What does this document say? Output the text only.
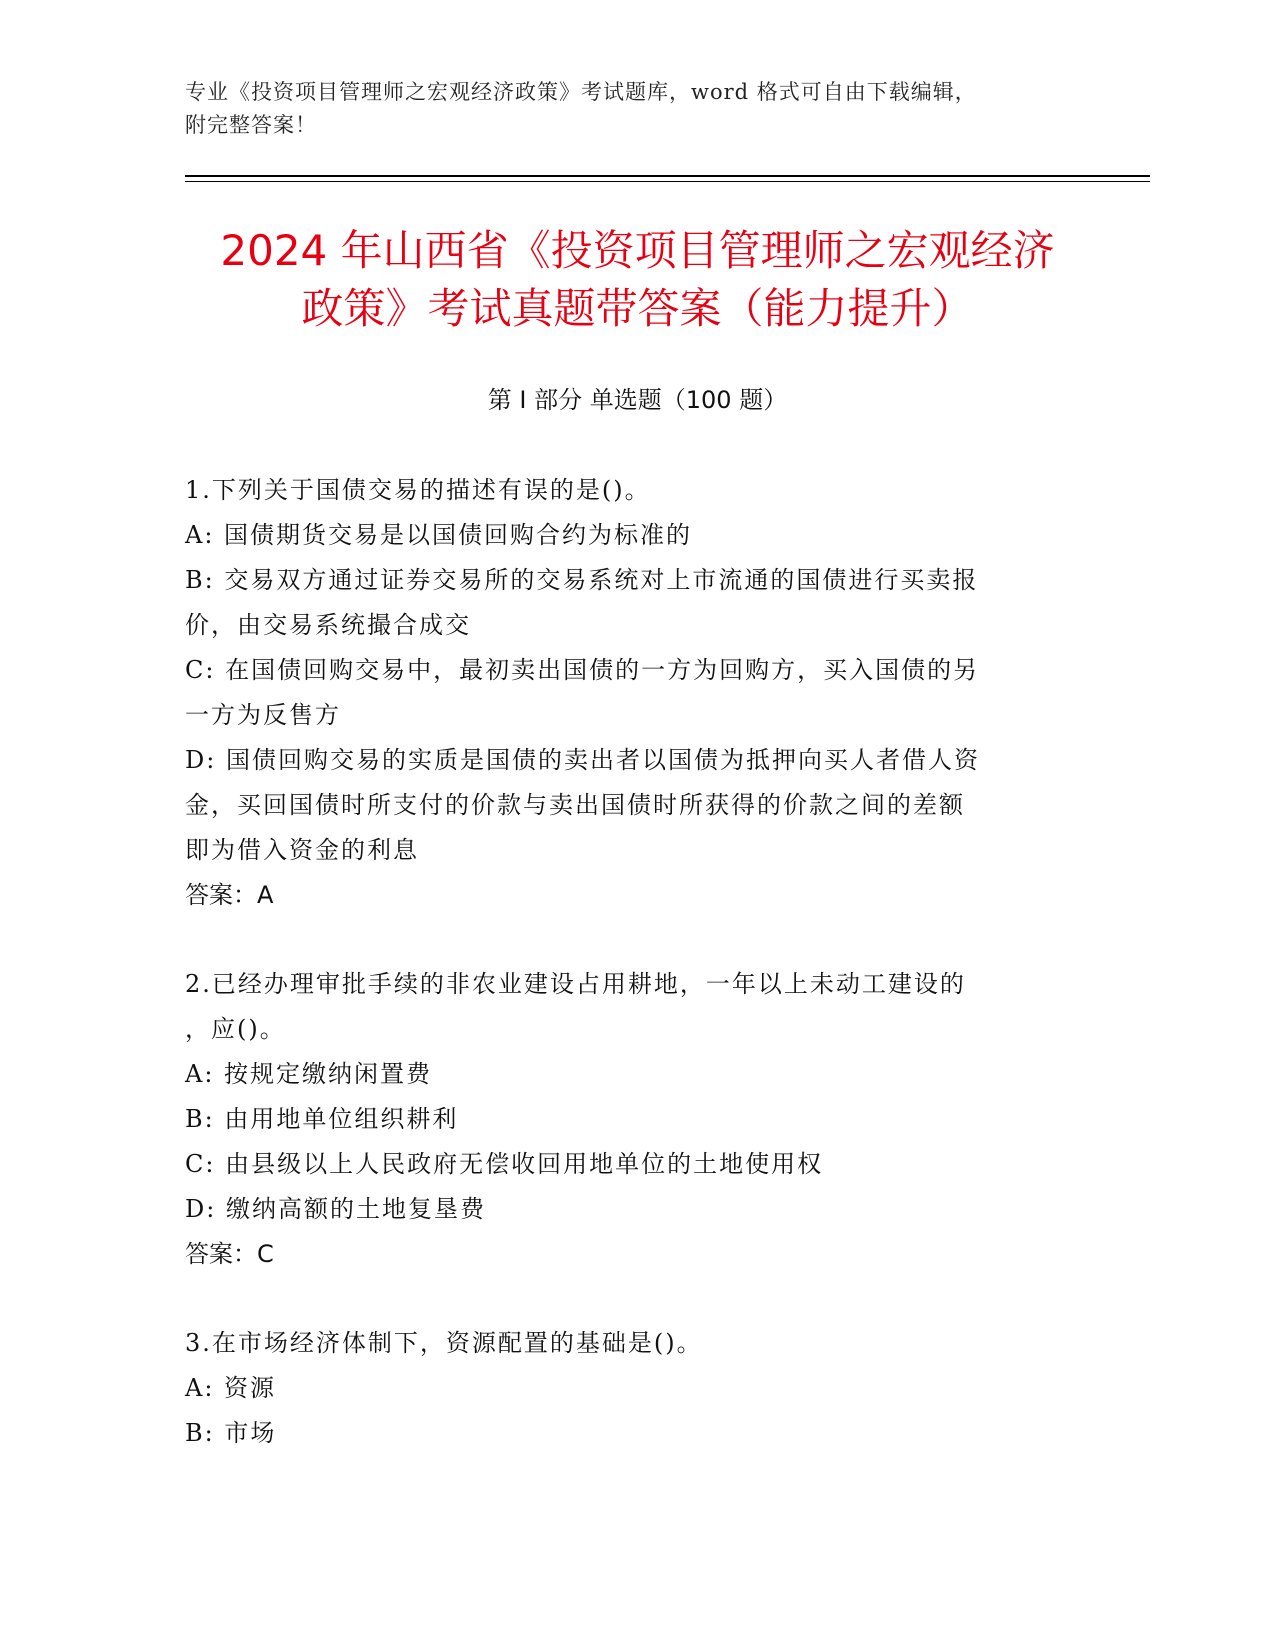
专业《投资项目管理师之宏观经济政策》考试题库，word 格式可自由下载编辑，
附完整答案！
2024 年山西省《投资项目管理师之宏观经济
政策》考试真题带答案（能力提升）
第 I 部分 单选题（100 题）
1.下列关于国债交易的描述有误的是()。
A: 国债期货交易是以国债回购合约为标准的
B: 交易双方通过证券交易所的交易系统对上市流通的国债进行买卖报
价，由交易系统撮合成交
C: 在国债回购交易中，最初卖出国债的一方为回购方，买入国债的另
一方为反售方
D: 国债回购交易的实质是国债的卖出者以国债为抵押向买人者借人资
金，买回国债时所支付的价款与卖出国债时所获得的价款之间的差额
即为借入资金的利息
答案：A
2.已经办理审批手续的非农业建设占用耕地，一年以上未动工建设的
，应()。
A: 按规定缴纳闲置费
B: 由用地单位组织耕利
C: 由县级以上人民政府无偿收回用地单位的土地使用权
D: 缴纳高额的土地复垦费
答案：C
3.在市场经济体制下，资源配置的基础是()。
A: 资源
B: 市场
